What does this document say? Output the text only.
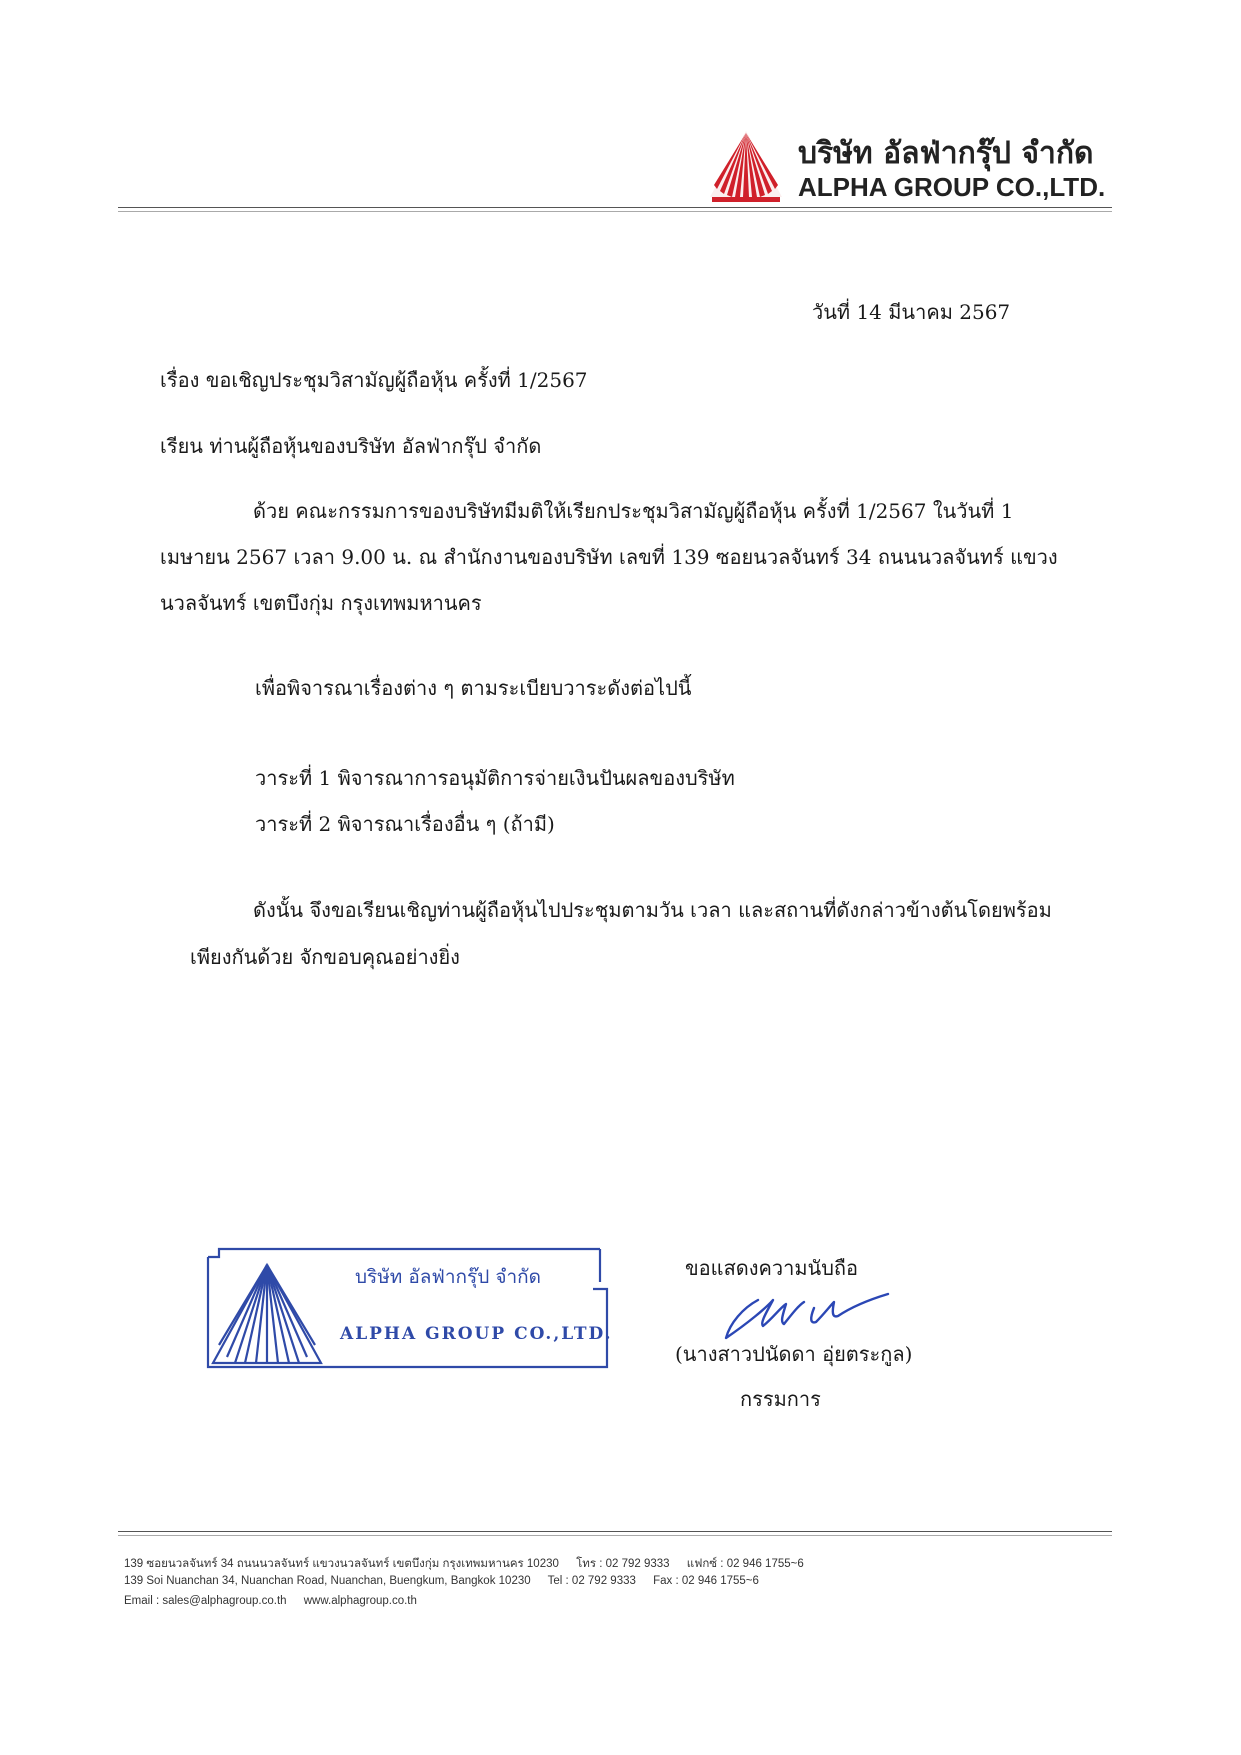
บริษัท อัลฟ่ากรุ๊ป จำกัด
ALPHA GROUP CO.,LTD.
วันที่ 14 มีนาคม 2567
เรื่อง ขอเชิญประชุมวิสามัญผู้ถือหุ้น ครั้งที่ 1/2567
เรียน ท่านผู้ถือหุ้นของบริษัท อัลฟ่ากรุ๊ป จำกัด
ด้วย คณะกรรมการของบริษัทมีมติให้เรียกประชุมวิสามัญผู้ถือหุ้น ครั้งที่ 1/2567 ในวันที่ 1
เมษายน 2567 เวลา 9.00 น. ณ สำนักงานของบริษัท เลขที่ 139 ซอยนวลจันทร์ 34 ถนนนวลจันทร์ แขวง
นวลจันทร์ เขตบึงกุ่ม กรุงเทพมหานคร
เพื่อพิจารณาเรื่องต่าง ๆ ตามระเบียบวาระดังต่อไปนี้
วาระที่ 1 พิจารณาการอนุมัติการจ่ายเงินปันผลของบริษัท
วาระที่ 2 พิจารณาเรื่องอื่น ๆ (ถ้ามี)
ดังนั้น จึงขอเรียนเชิญท่านผู้ถือหุ้นไปประชุมตามวัน เวลา และสถานที่ดังกล่าวข้างต้นโดยพร้อม
เพียงกันด้วย จักขอบคุณอย่างยิ่ง
บริษัท อัลฟ่ากรุ๊ป จำกัด
ALPHA GROUP CO.,LTD.
ขอแสดงความนับถือ
(นางสาวปนัดดา อุ่ยตระกูล)
กรรมการ
139 ซอยนวลจันทร์ 34 ถนนนวลจันทร์ แขวงนวลจันทร์ เขตบึงกุ่ม กรุงเทพมหานคร 10230 โทร : 02 792 9333 แฟกซ์ : 02 946 1755~6
139 Soi Nuanchan 34, Nuanchan Road, Nuanchan, Buengkum, Bangkok 10230 Tel : 02 792 9333 Fax : 02 946 1755~6
Email : sales@alphagroup.co.th www.alphagroup.co.th
